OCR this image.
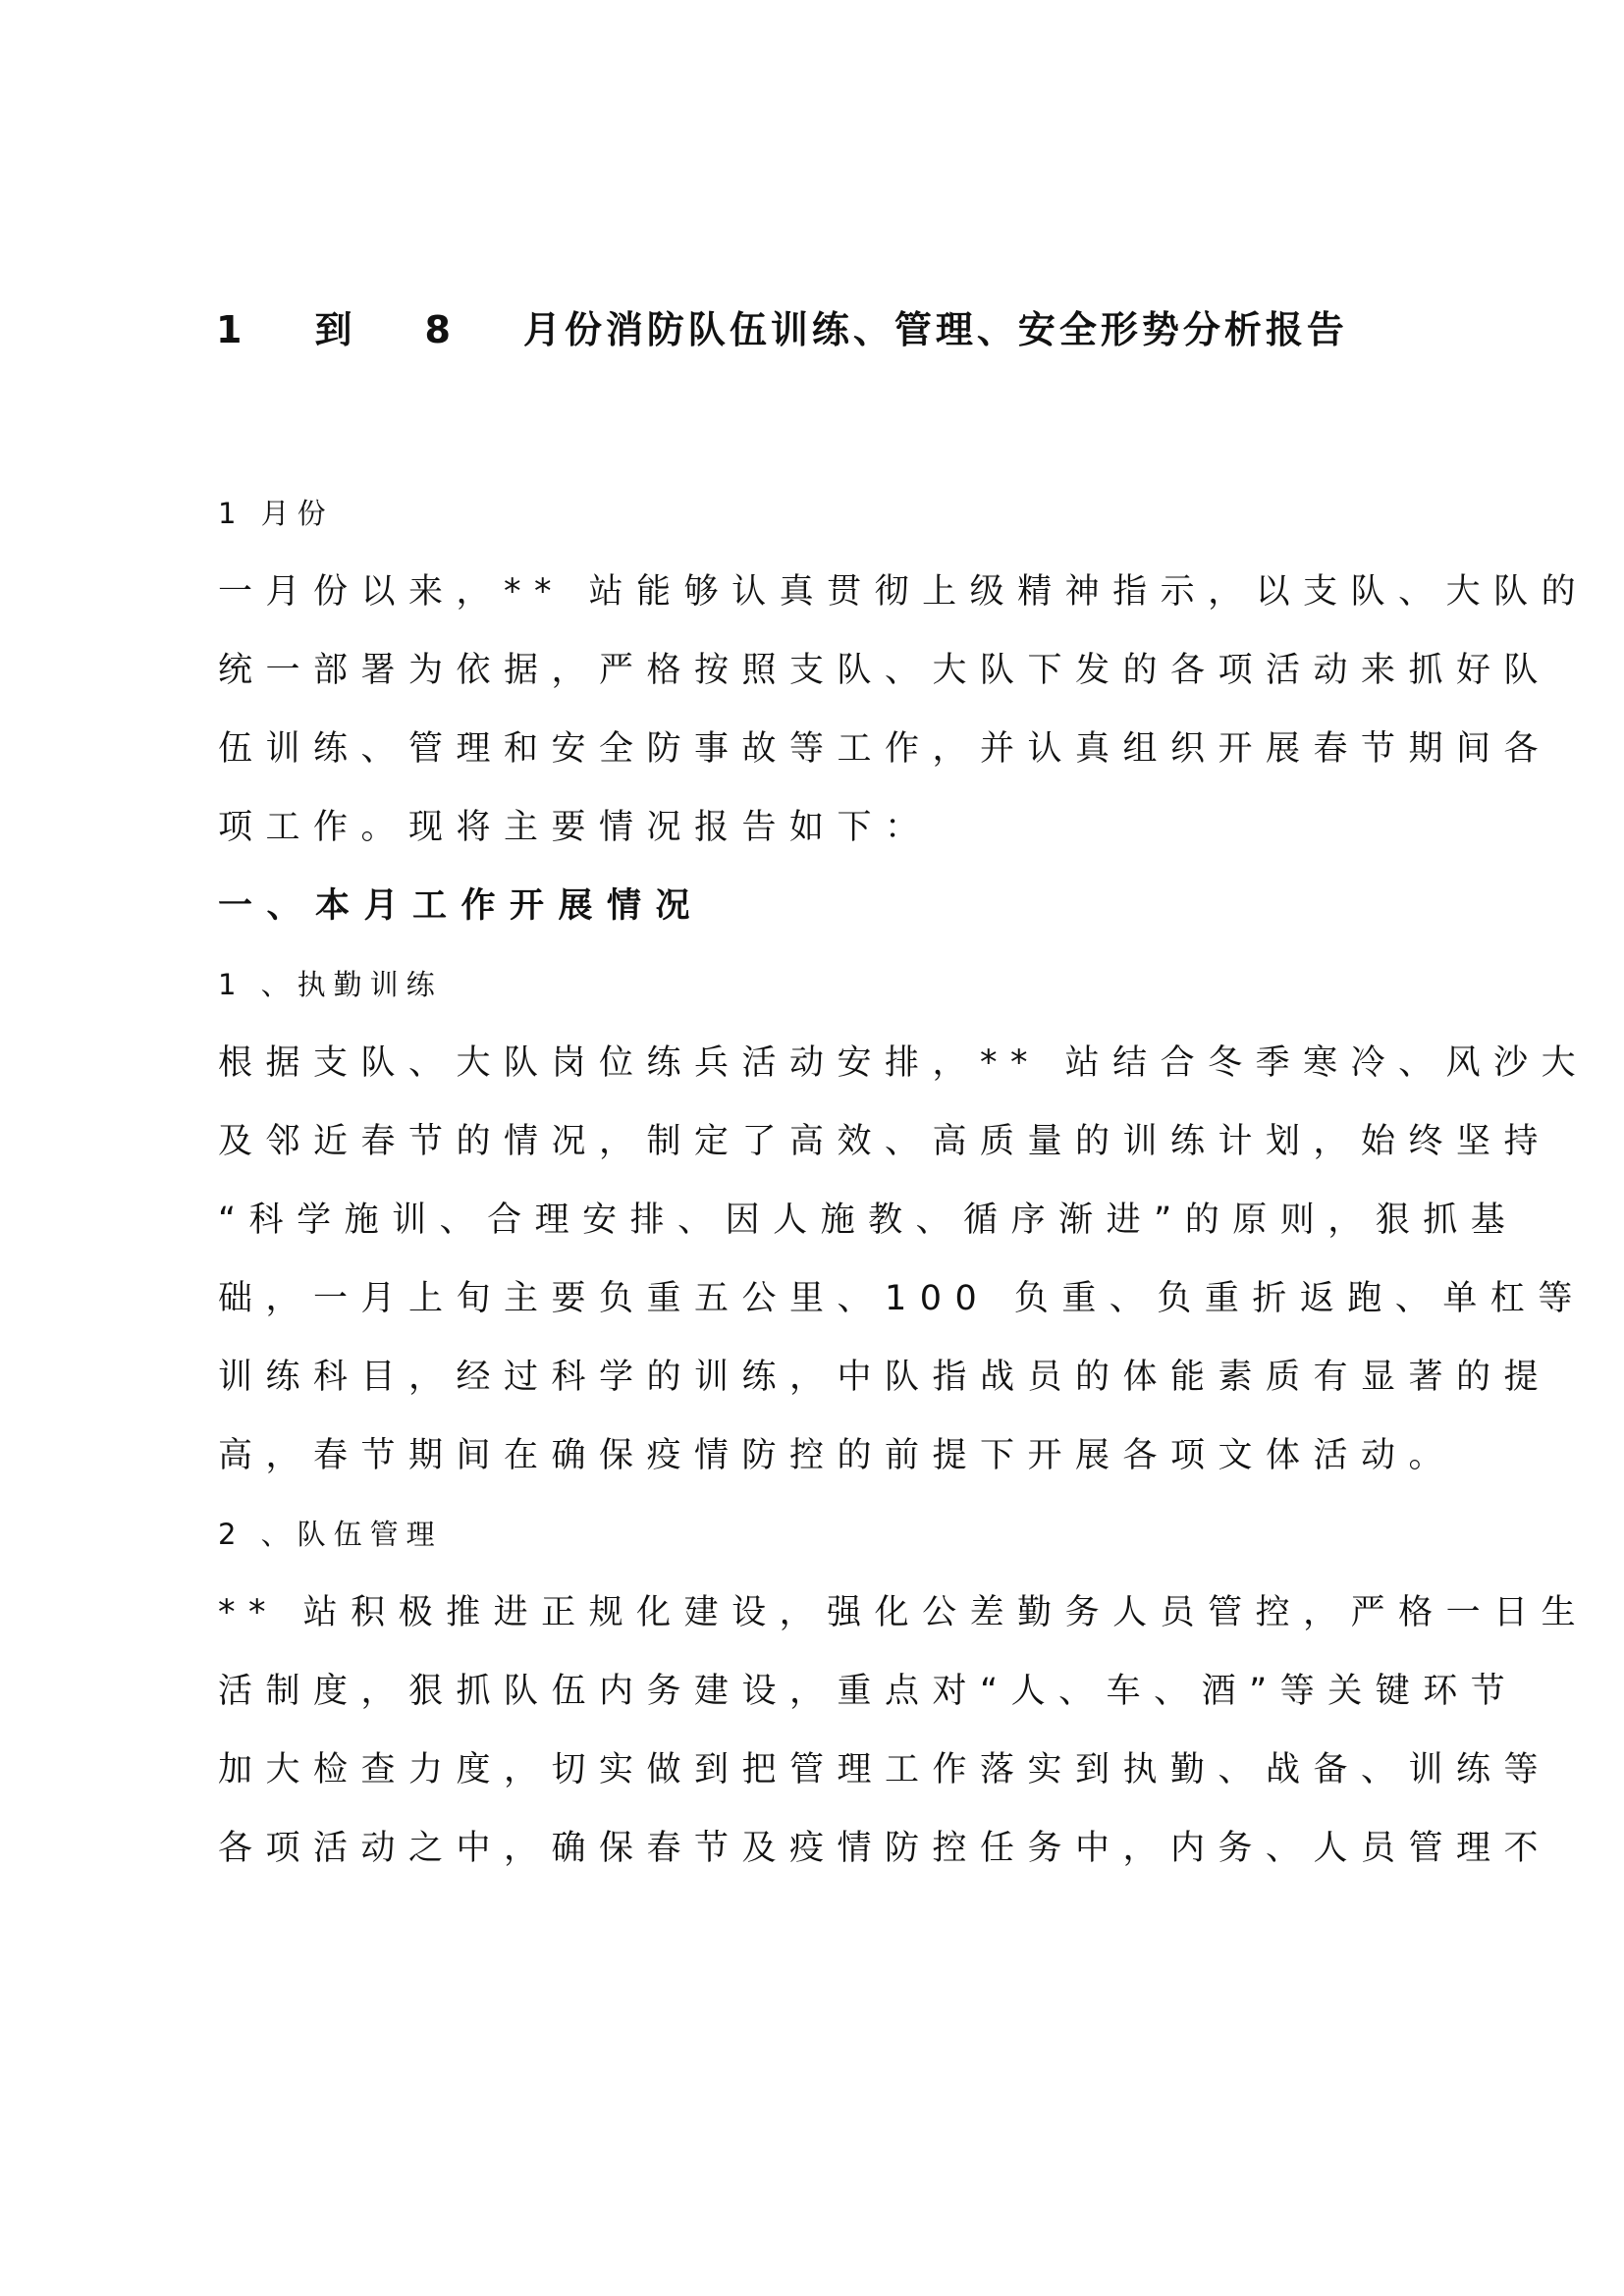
1 到 8 月份消防队伍训练、管理、安全形势分析报告

1 月份

一月份以来，** 站能够认真贯彻上级精神指示，以支队、大队的

统一部署为依据，严格按照支队、大队下发的各项活动来抓好队

伍训练、管理和安全防事故等工作，并认真组织开展春节期间各

项工作。现将主要情况报告如下：

一、本月工作开展情况

1 、执勤训练

根据支队、大队岗位练兵活动安排，** 站结合冬季寒冷、风沙大

及邻近春节的情况，制定了高效、高质量的训练计划，始终坚持

“科学施训、合理安排、因人施教、循序渐进”的原则，狠抓基

础，一月上旬主要负重五公里、100 负重、负重折返跑、单杠等

训练科目，经过科学的训练，中队指战员的体能素质有显著的提

高，春节期间在确保疫情防控的前提下开展各项文体活动。

2 、队伍管理

** 站积极推进正规化建设，强化公差勤务人员管控，严格一日生

活制度，狠抓队伍内务建设，重点对“人、车、酒”等关键环节

加大检查力度，切实做到把管理工作落实到执勤、战备、训练等

各项活动之中，确保春节及疫情防控任务中，内务、人员管理不
